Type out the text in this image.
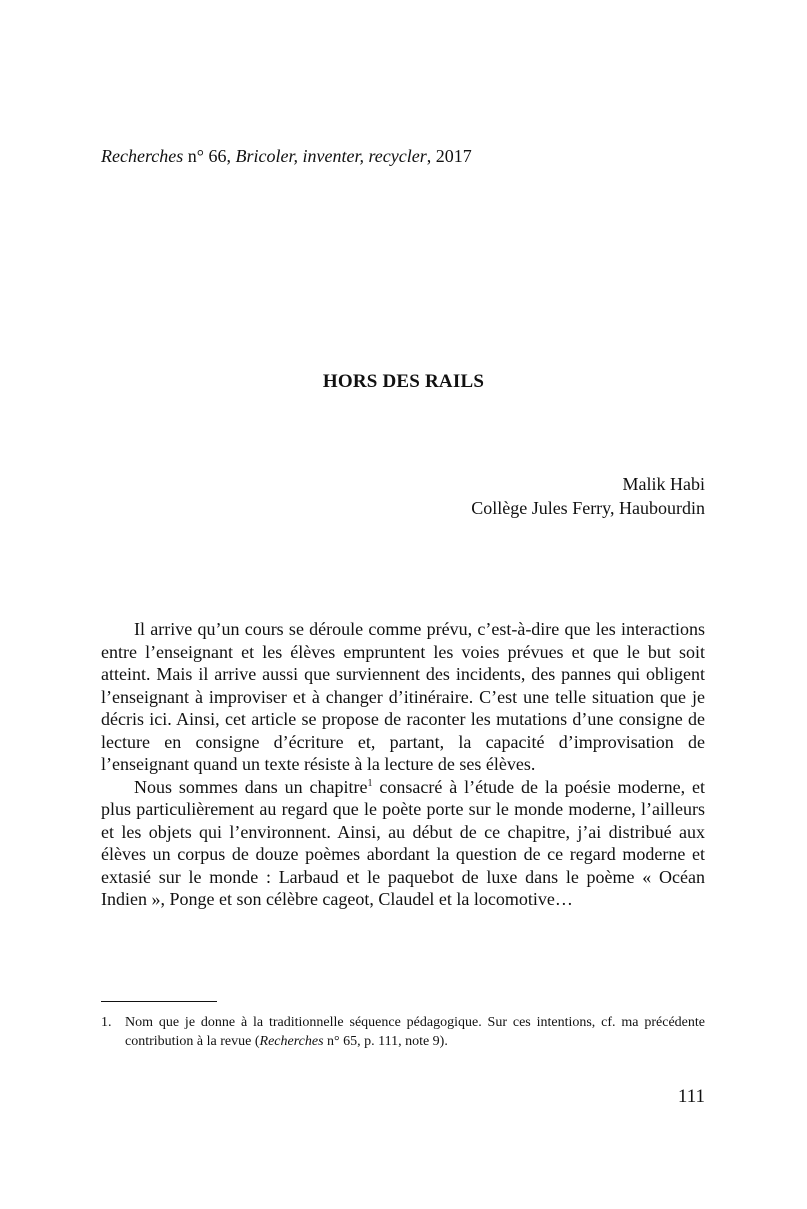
Recherches n° 66, Bricoler, inventer, recycler, 2017
HORS DES RAILS
Malik Habi
Collège Jules Ferry, Haubourdin

Il arrive qu’un cours se déroule comme prévu, c’est-à-dire que les interactions entre l’enseignant et les élèves empruntent les voies prévues et que le but soit atteint. Mais il arrive aussi que surviennent des incidents, des pannes qui obligent l’enseignant à improviser et à changer d’itinéraire. C’est une telle situation que je décris ici. Ainsi, cet article se propose de raconter les mutations d’une consigne de lecture en consigne d’écriture et, partant, la capacité d’improvisation de l’enseignant quand un texte résiste à la lecture de ses élèves.

Nous sommes dans un chapitre$^1$ consacré à l’étude de la poésie moderne, et plus particulièrement au regard que le poète porte sur le monde moderne, l’ailleurs et les objets qui l’environnent. Ainsi, au début de ce chapitre, j’ai distribué aux élèves un corpus de douze poèmes abordant la question de ce regard moderne et extasié sur le monde : Larbaud et le paquebot de luxe dans le poème « Océan Indien », Ponge et son célèbre cageot, Claudel et la locomotive…

1. Nom que je donne à la traditionnelle séquence pédagogique. Sur ces intentions, cf. ma précédente contribution à la revue (Recherches n° 65, p. 111, note 9).
111
